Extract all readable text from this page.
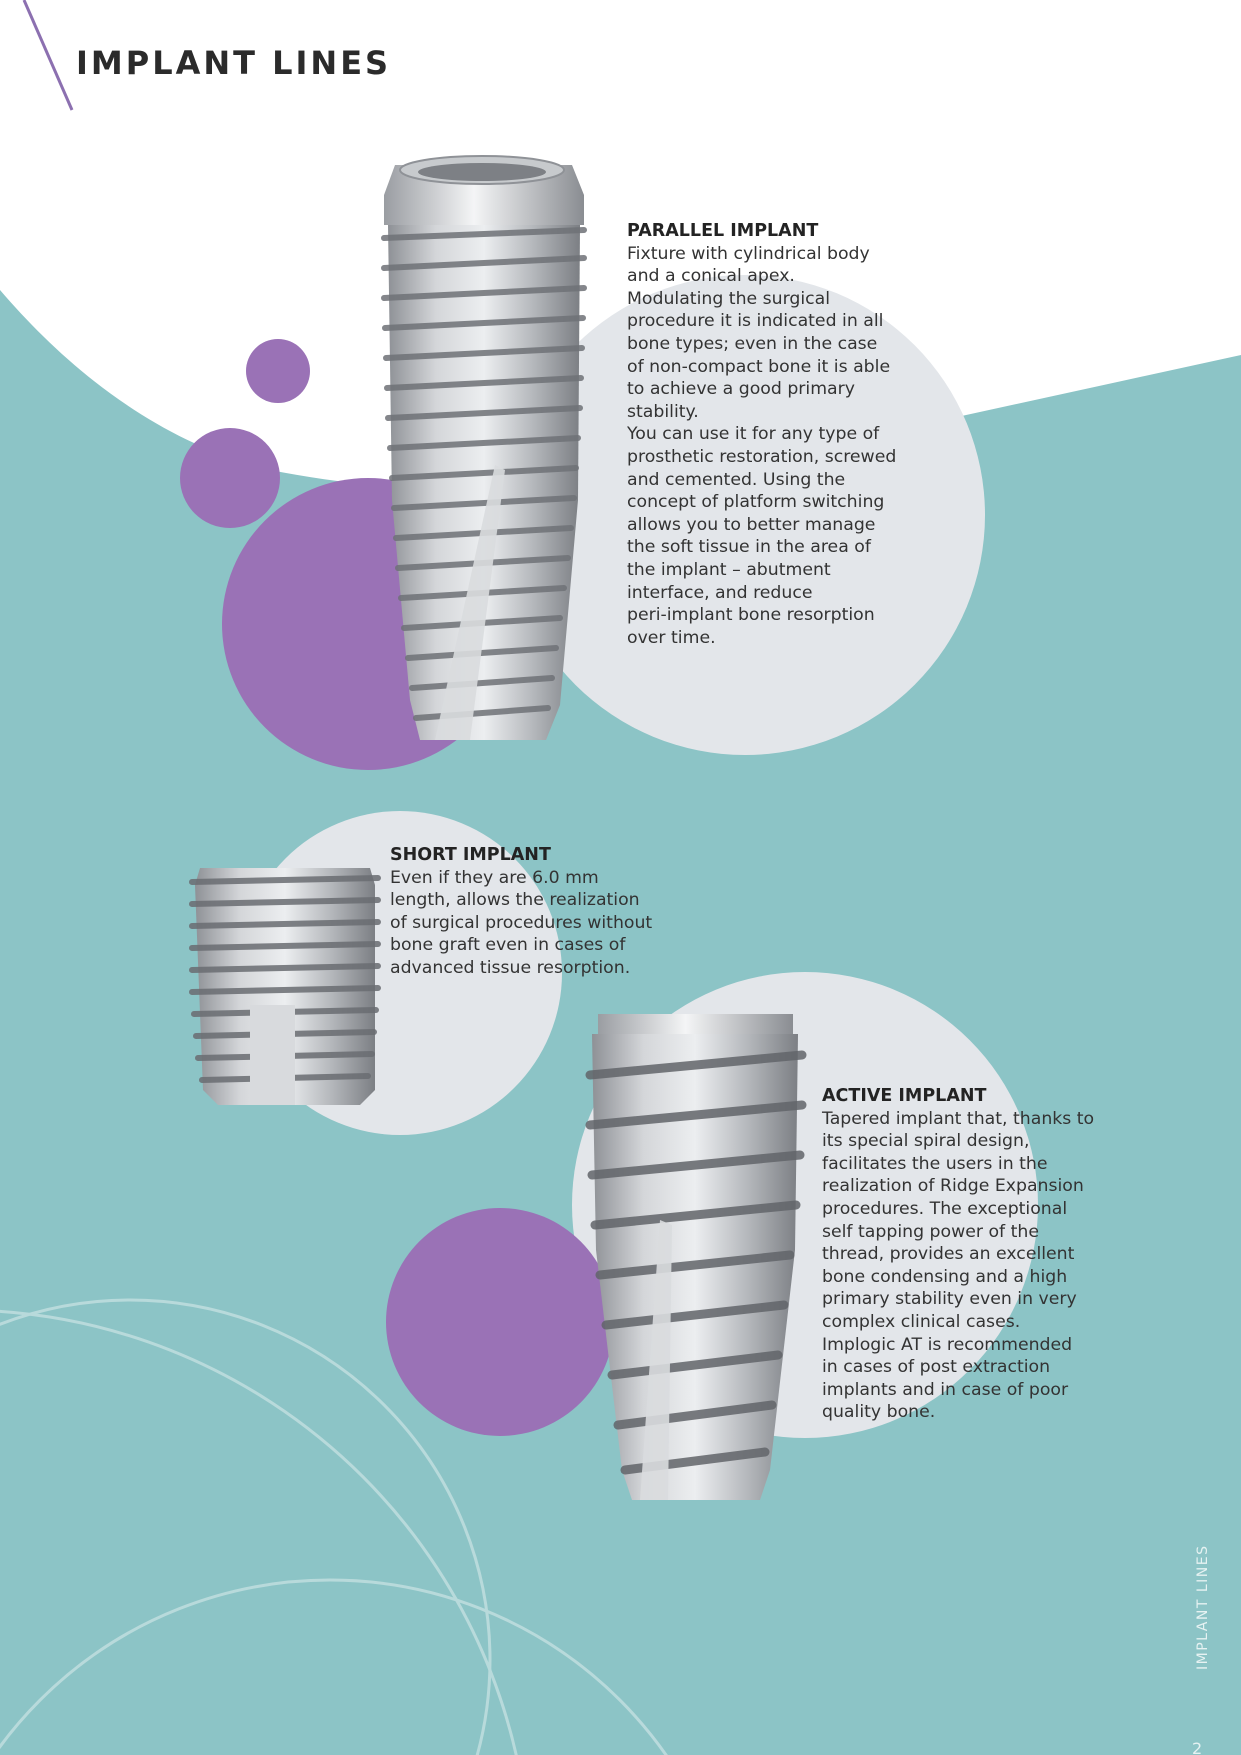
IMPLANT LINES
PARALLEL IMPLANT

Fixture with cylindrical body
and a conical apex.
Modulating the surgical
procedure it is indicated in all
bone types; even in the case
of non-compact bone it is able
to achieve a good primary
stability.
You can use it for any type of
prosthetic restoration, screwed
and cemented. Using the
concept of platform switching
allows you to better manage
the soft tissue in the area of
the implant – abutment
interface, and reduce
peri-implant bone resorption
over time.

SHORT IMPLANT

Even if they are 6.0 mm
length, allows the realization
of surgical procedures without
bone graft even in cases of
advanced tissue resorption.

ACTIVE IMPLANT

Tapered implant that, thanks to
its special spiral design,
facilitates the users in the
realization of Ridge Expansion
procedures. The exceptional
self tapping power of the
thread, provides an excellent
bone condensing and a high
primary stability even in very
complex clinical cases.
Implogic AT is recommended
in cases of post extraction
implants and in case of poor
quality bone.

IMPLANT LINES
2
